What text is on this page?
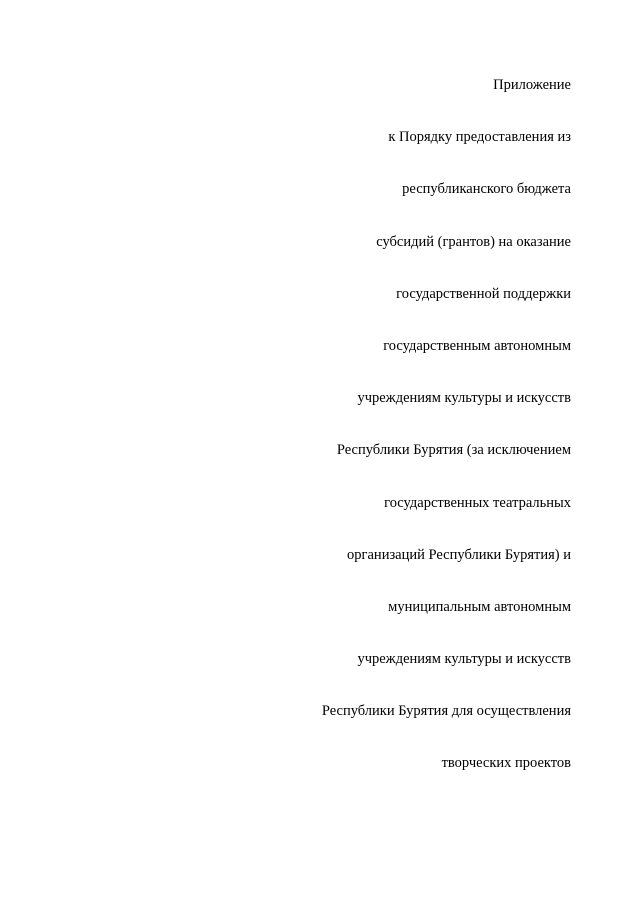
Приложение
к Порядку предоставления из
республиканского бюджета
субсидий (грантов) на оказание
государственной поддержки
государственным автономным
учреждениям культуры и искусств
Республики Бурятия (за исключением
государственных театральных
организаций Республики Бурятия) и
муниципальным автономным
учреждениям культуры и искусств
Республики Бурятия для осуществления
творческих проектов
